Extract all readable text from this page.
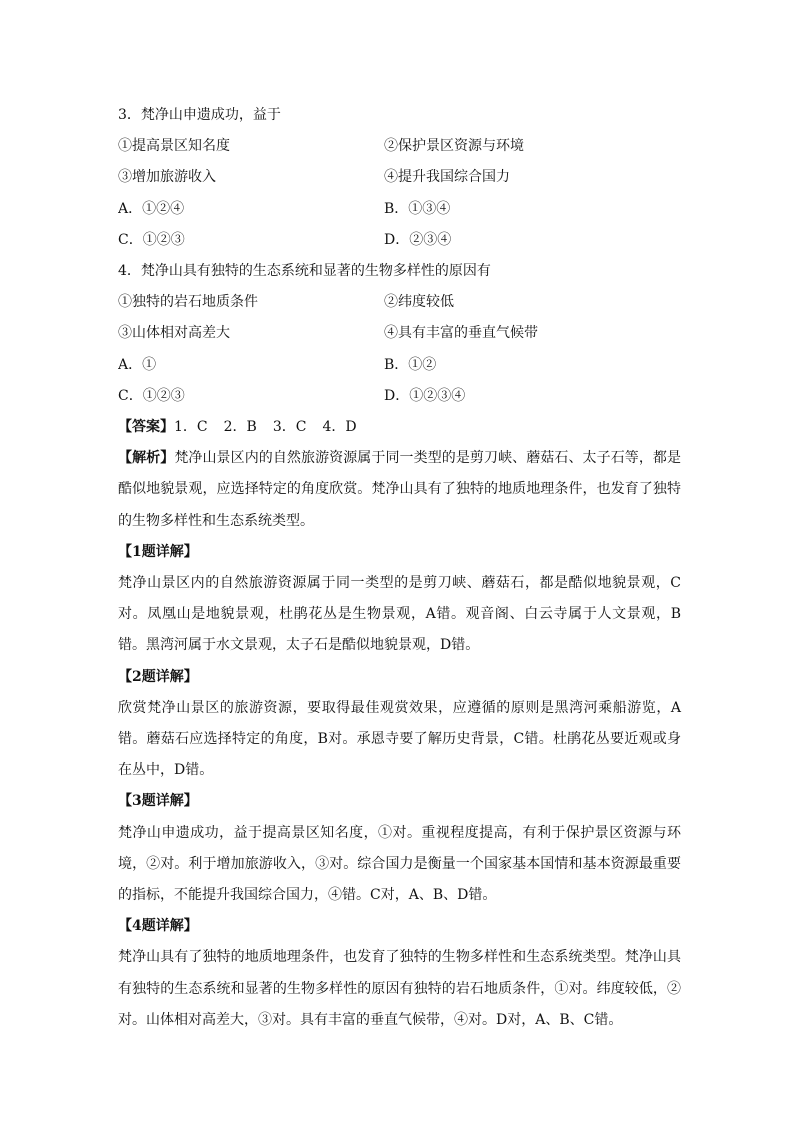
3．梵净山申遗成功，益于

①提高景区知名度	②保护景区资源与环境
③增加旅游收入	④提升我国综合国力
A．①②④	B．①③④
C．①②③	D．②③④

4．梵净山具有独特的生态系统和显著的生物多样性的原因有

①独特的岩石地质条件	②纬度较低
③山体相对高差大	④具有丰富的垂直气候带
A．①	B．①②
C．①②③	D．①②③④

【答案】1．C 2．B 3．C 4．D

【解析】梵净山景区内的自然旅游资源属于同一类型的是剪刀峡、蘑菇石、太子石等，都是酷似地貌景观，应选择特定的角度欣赏。梵净山具有了独特的地质地理条件，也发育了独特的生物多样性和生态系统类型。

【1题详解】

梵净山景区内的自然旅游资源属于同一类型的是剪刀峡、蘑菇石，都是酷似地貌景观，C对。凤凰山是地貌景观，杜鹃花丛是生物景观，A错。观音阁、白云寺属于人文景观，B错。黑湾河属于水文景观，太子石是酷似地貌景观，D错。

【2题详解】

欣赏梵净山景区的旅游资源，要取得最佳观赏效果，应遵循的原则是黑湾河乘船游览，A错。蘑菇石应选择特定的角度，B对。承恩寺要了解历史背景，C错。杜鹃花丛要近观或身在丛中，D错。

【3题详解】

梵净山申遗成功，益于提高景区知名度，①对。重视程度提高，有利于保护景区资源与环境，②对。利于增加旅游收入，③对。综合国力是衡量一个国家基本国情和基本资源最重要的指标，不能提升我国综合国力，④错。C对，A、B、D错。

【4题详解】

梵净山具有了独特的地质地理条件，也发育了独特的生物多样性和生态系统类型。梵净山具有独特的生态系统和显著的生物多样性的原因有独特的岩石地质条件，①对。纬度较低，②对。山体相对高差大，③对。具有丰富的垂直气候带，④对。D对，A、B、C错。
